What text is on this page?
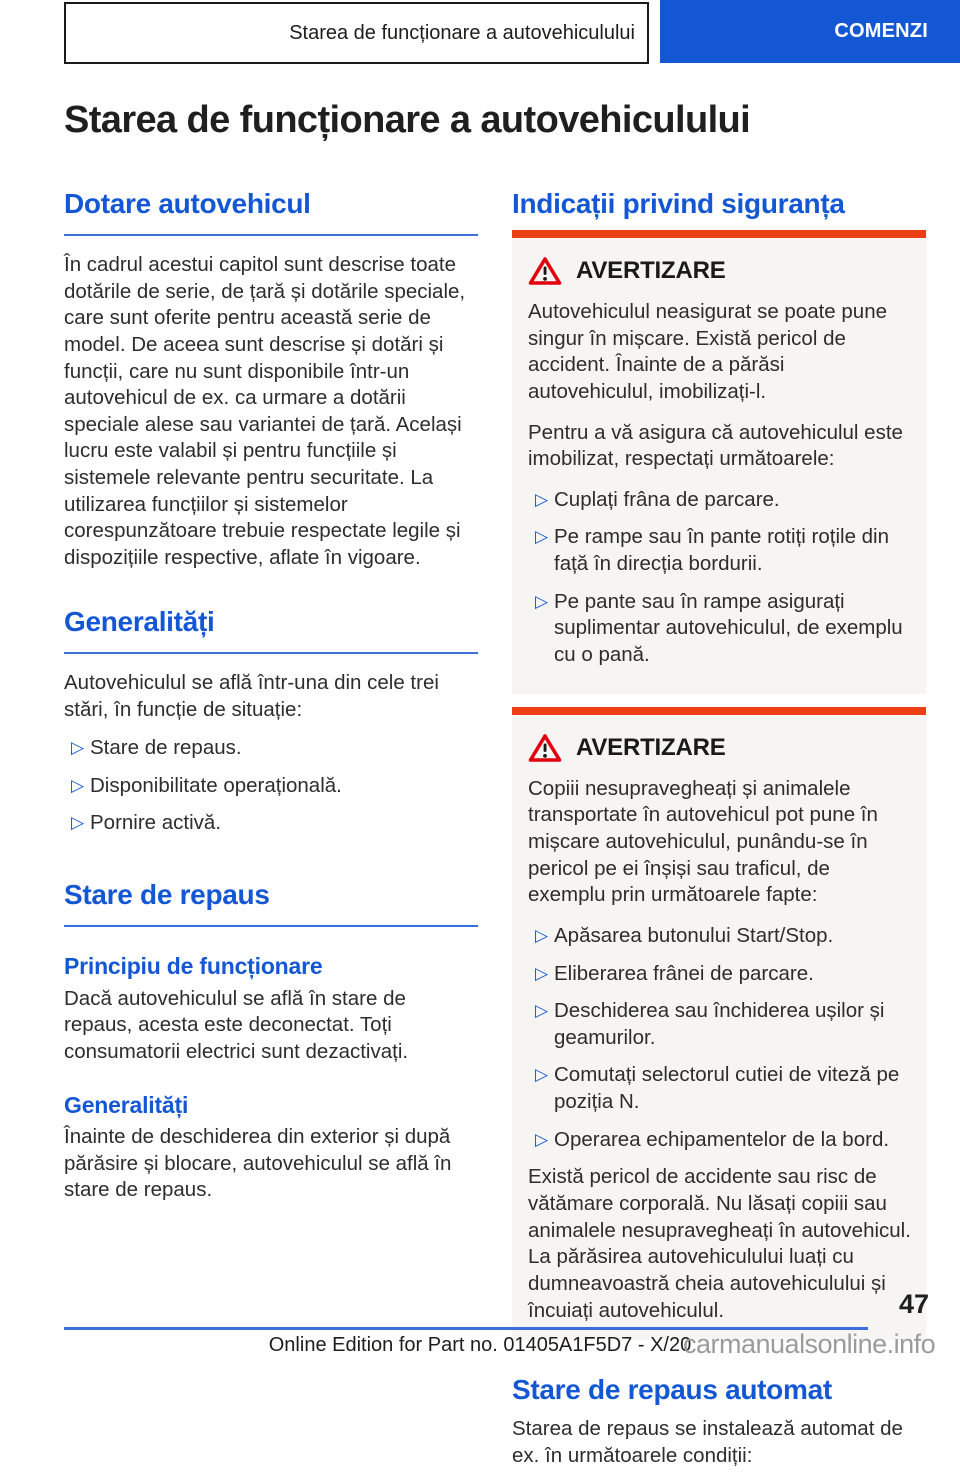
Starea de funcționare a autovehiculului	COMENZI
Starea de funcționare a autovehiculului
Dotare autovehicul

În cadrul acestui capitol sunt descrise toate dotările de serie, de țară și dotările speciale, care sunt oferite pentru această serie de model. De aceea sunt descrise și dotări și funcții, care nu sunt disponibile într-un autovehicul de ex. ca urmare a dotării speciale alese sau variantei de țară. Același lucru este valabil și pentru funcțiile și sistemele relevante pentru securitate. La utilizarea funcțiilor și sistemelor corespunzătoare trebuie respectate legile și dispozițiile respective, aflate în vigoare.

Generalități

Autovehiculul se află într-una din cele trei stări, în funcție de situație:

▷ Stare de repaus.
▷ Disponibilitate operațională.
▷ Pornire activă.
Stare de repaus
Principiu de funcționare

Dacă autovehiculul se află în stare de repaus, acesta este deconectat. Toți consumatorii electrici sunt dezactivați.

Generalități

Înainte de deschiderea din exterior și după părăsire și blocare, autovehiculul se află în stare de repaus.

Indicații privind siguranța
AVERTIZARE

Autovehiculul neasigurat se poate pune singur în mișcare. Există pericol de accident. Înainte de a părăsi autovehiculul, imobilizați-l.

Pentru a vă asigura că autovehiculul este imobilizat, respectați următoarele:

▷ Cuplați frâna de parcare.
▷ Pe rampe sau în pante rotiți roțile din față în direcția bordurii.
▷ Pe pante sau în rampe asigurați suplimentar autovehiculul, de exemplu cu o pană.
AVERTIZARE

Copiii nesupravegheați și animalele transportate în autovehicul pot pune în mișcare autovehiculul, punându-se în pericol pe ei înșiși sau traficul, de exemplu prin următoarele fapte:

▷ Apăsarea butonului Start/Stop.
▷ Eliberarea frânei de parcare.
▷ Deschiderea sau închiderea ușilor și geamurilor.
▷ Comutați selectorul cutiei de viteză pe poziția N.
▷ Operarea echipamentelor de la bord.

Există pericol de accidente sau risc de vătămare corporală. Nu lăsați copiii sau animalele nesupravegheați în autovehicul. La părăsirea autovehiculului luați cu dumneavoastră cheia autovehiculului și încuiați autovehiculul.

Stare de repaus automat

Starea de repaus se instalează automat de ex. în următoarele condiții:

47
Online Edition for Part no. 01405A1F5D7 - X/20
carmanualsonline.info
